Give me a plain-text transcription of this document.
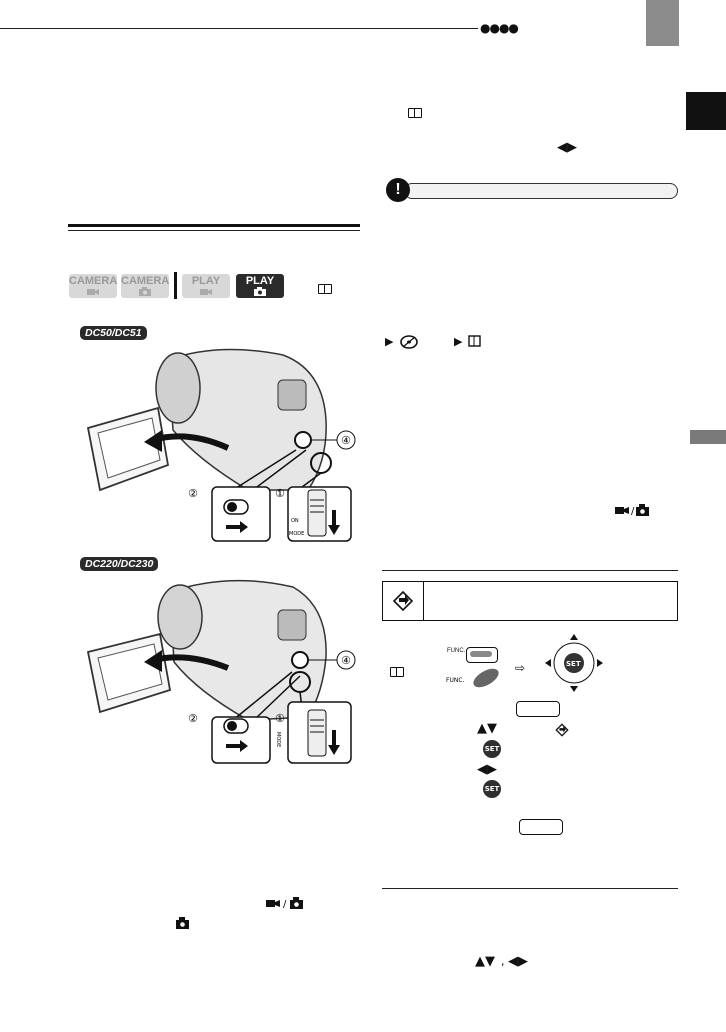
●●●●
CAMERA CAMERA	PLAY	PLAY

DC50/DC51
④
②	①
ON
MODE
DC220/DC230
④
②	①
MODE
/
◀▶
!
▶	▶
/
FUNC.
FUNC.
⇨	SET
▲▼
SET
◀▶
SET
▲▼ , ◀▶
